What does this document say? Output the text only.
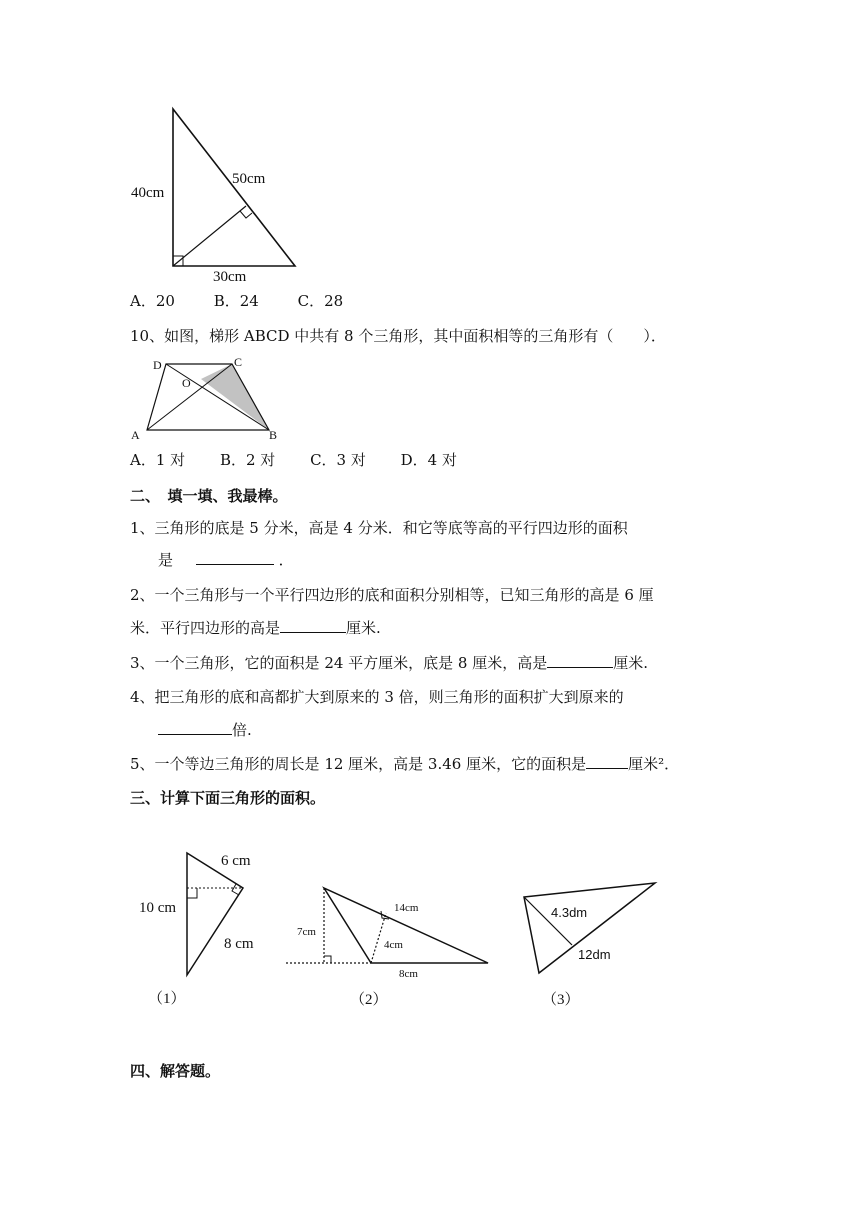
40cm
50cm
30cm
A．20	B．24	C．28
10、如图，梯形 ABCD 中共有 8 个三角形，其中面积相等的三角形有（　　）．
D	C
O
A	B
A．1 对 B．2 对 C．3 对 D．4 对
二、　填一填、我最棒。
1、三角形的底是 5 分米，高是 4 分米．和它等底等高的平行四边形的面积
是	．
2、一个三角形与一个平行四边形的底和面积分别相等，已知三角形的高是 6 厘
米．平行四边形的高是	厘米.
3、一个三角形，它的面积是 24 平方厘米，底是 8 厘米，高是	厘米.
4、把三角形的底和高都扩大到原来的 3 倍，则三角形的面积扩大到原来的
倍.
5、一个等边三角形的周长是 12 厘米，高是 3.46 厘米，它的面积是	厘米²．
三、计算下面三角形的面积。
6 cm
10 cm
8 cm
（1）
14cm
7cm
4cm
8cm
（2）
4.3dm
12dm
（3）
四、解答题。
